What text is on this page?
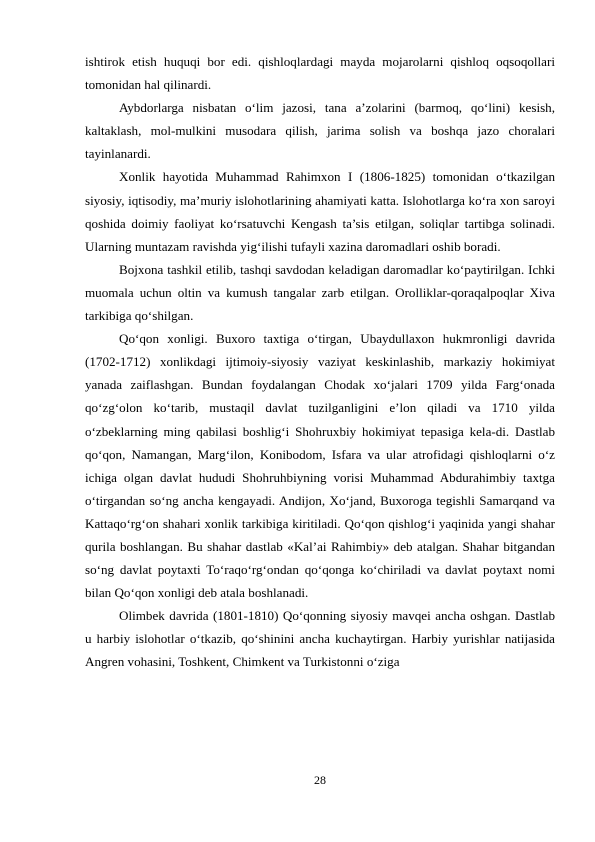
ishtirok etish huquqi bor edi. qishloqlardagi mayda mojarolarni qishloq oqsoqollari tomonidan hal qilinardi.

Aybdorlarga nisbatan o‘lim jazosi, tana a’zolarini (barmoq, qo‘lini) kesish, kaltaklash, mol-mulkini musodara qilish, jarima solish va boshqa jazo choralari tayinlanardi.

Xonlik hayotida Muhammad Rahimxon I (1806-1825) tomonidan o‘tkazilgan siyosiy, iqtisodiy, ma’muriy islohotlarining ahamiyati katta. Islohotlarga ko‘ra xon saroyi qoshida doimiy faoliyat ko‘rsatuvchi Kengash ta’sis etilgan, soliqlar tartibga solinadi. Ularning muntazam ravishda yig‘ilishi tufayli xazina daromadlari oshib boradi.

Bojxona tashkil etilib, tashqi savdodan keladigan daromadlar ko‘paytirilgan. Ichki muomala uchun oltin va kumush tangalar zarb etilgan. Orolliklar-qoraqalpoqlar Xiva tarkibiga qo‘shilgan.

Qo‘qon xonligi. Buxoro taxtiga o‘tirgan, Ubaydullaxon hukmronligi davrida (1702-1712) xonlikdagi ijtimoiy-siyosiy vaziyat keskinlashib, markaziy hokimiyat yanada zaiflashgan. Bundan foydalangan Chodak xo‘jalari 1709 yilda Farg‘onada qo‘zg‘olon ko‘tarib, mustaqil davlat tuzilganligini e’lon qiladi va 1710 yilda o‘zbeklarning ming qabilasi boshlig‘i Shohruxbiy hokimiyat tepasiga kela-di. Dastlab qo‘qon, Namangan, Marg‘ilon, Konibodom, Isfara va ular atrofidagi qishloqlarni o‘z ichiga olgan davlat hududi Shohruhbiyning vorisi Muhammad Abdurahimbiy taxtga o‘tirgandan so‘ng ancha kengayadi. Andijon, Xo‘jand, Buxoroga tegishli Samarqand va Kattaqo‘rg‘on shahari xonlik tarkibiga kiritiladi. Qo‘qon qishlog‘i yaqinida yangi shahar qurila boshlangan. Bu shahar dastlab «Kal’ai Rahimbiy» deb atalgan. Shahar bitgandan so‘ng davlat poytaxti To‘raqo‘rg‘ondan qo‘qonga ko‘chiriladi va davlat poytaxt nomi bilan Qo‘qon xonligi deb atala boshlanadi.

Olimbek davrida (1801-1810) Qo‘qonning siyosiy mavqei ancha oshgan. Dastlab u harbiy islohotlar o‘tkazib, qo‘shinini ancha kuchaytirgan. Harbiy yurishlar natijasida Angren vohasini, Toshkent, Chimkent va Turkistonni o‘ziga

28
